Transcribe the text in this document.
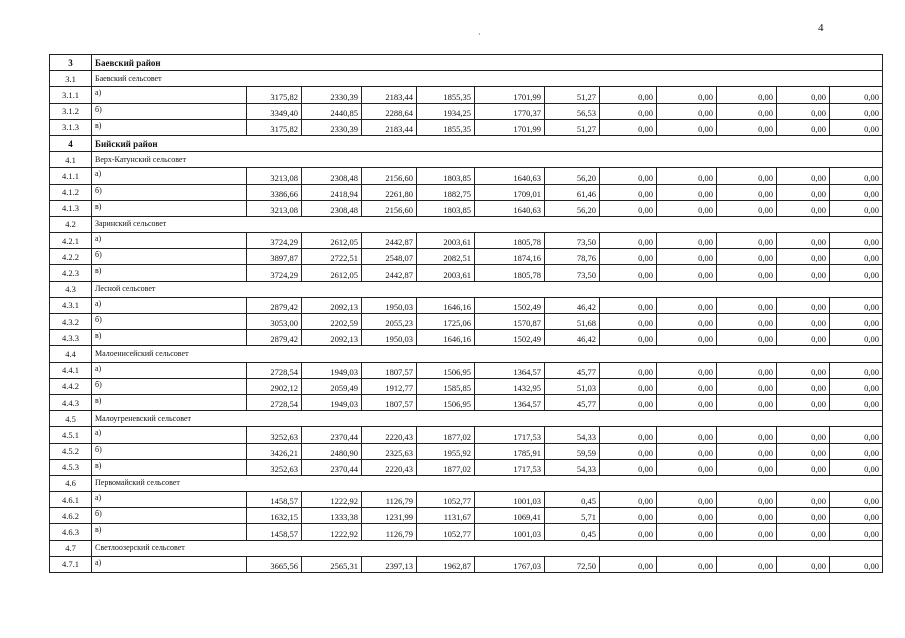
4
·
3	Баевский район											
3.1	Баевский сельсовет											
3.1.1	а)	3175,82	2330,39	2183,44	1855,35	1701,99	51,27	0,00	0,00	0,00	0,00	0,00
3.1.2	б)	3349,40	2440,85	2288,64	1934,25	1770,37	56,53	0,00	0,00	0,00	0,00	0,00
3.1.3	в)	3175,82	2330,39	2183,44	1855,35	1701,99	51,27	0,00	0,00	0,00	0,00	0,00
4	Бийский район											
4.1	Верх-Катунский сельсовет											
4.1.1	а)	3213,08	2308,48	2156,60	1803,85	1640,63	56,20	0,00	0,00	0,00	0,00	0,00
4.1.2	б)	3386,66	2418,94	2261,80	1882,75	1709,01	61,46	0,00	0,00	0,00	0,00	0,00
4.1.3	в)	3213,08	2308,48	2156,60	1803,85	1640,63	56,20	0,00	0,00	0,00	0,00	0,00
4.2	Заринский сельсовет											
4.2.1	а)	3724,29	2612,05	2442,87	2003,61	1805,78	73,50	0,00	0,00	0,00	0,00	0,00
4.2.2	б)	3897,87	2722,51	2548,07	2082,51	1874,16	78,76	0,00	0,00	0,00	0,00	0,00
4.2.3	в)	3724,29	2612,05	2442,87	2003,61	1805,78	73,50	0,00	0,00	0,00	0,00	0,00
4.3	Лесной сельсовет											
4.3.1	а)	2879,42	2092,13	1950,03	1646,16	1502,49	46,42	0,00	0,00	0,00	0,00	0,00
4.3.2	б)	3053,00	2202,59	2055,23	1725,06	1570,87	51,68	0,00	0,00	0,00	0,00	0,00
4.3.3	в)	2879,42	2092,13	1950,03	1646,16	1502,49	46,42	0,00	0,00	0,00	0,00	0,00
4.4	Малоенисейский сельсовет											
4.4.1	а)	2728,54	1949,03	1807,57	1506,95	1364,57	45,77	0,00	0,00	0,00	0,00	0,00
4.4.2	б)	2902,12	2059,49	1912,77	1585,85	1432,95	51,03	0,00	0,00	0,00	0,00	0,00
4.4.3	в)	2728,54	1949,03	1807,57	1506,95	1364,57	45,77	0,00	0,00	0,00	0,00	0,00
4.5	Малоугреневский сельсовет											
4.5.1	а)	3252,63	2370,44	2220,43	1877,02	1717,53	54,33	0,00	0,00	0,00	0,00	0,00
4.5.2	б)	3426,21	2480,90	2325,63	1955,92	1785,91	59,59	0,00	0,00	0,00	0,00	0,00
4.5.3	в)	3252,63	2370,44	2220,43	1877,02	1717,53	54,33	0,00	0,00	0,00	0,00	0,00
4.6	Первомайский сельсовет											
4.6.1	а)	1458,57	1222,92	1126,79	1052,77	1001,03	0,45	0,00	0,00	0,00	0,00	0,00
4.6.2	б)	1632,15	1333,38	1231,99	1131,67	1069,41	5,71	0,00	0,00	0,00	0,00	0,00
4.6.3	в)	1458,57	1222,92	1126,79	1052,77	1001,03	0,45	0,00	0,00	0,00	0,00	0,00
4.7	Светлоозерский сельсовет											
4.7.1	а)	3665,56	2565,31	2397,13	1962,87	1767,03	72,50	0,00	0,00	0,00	0,00	0,00
